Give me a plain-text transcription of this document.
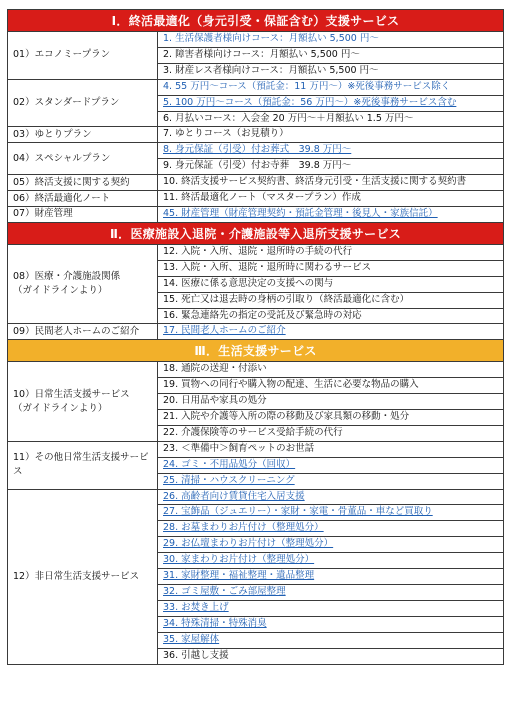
Ⅰ．終活最適化（身元引受・保証含む）支援サービス	
01）エコノミープラン	1. 生活保護者様向けコース：月額払い 5,500 円～
	2. 障害者様向けコース：月額払い 5,500 円～
	3. 財産レス者様向けコース：月額払い 5,500 円～
02）スタンダードプラン	4. 55 万円～コース（預託金：11 万円～）※死後事務サービス除く
	5. 100 万円～コース（預託金：56 万円～）※死後事務サービス含む
	6. 月払いコース：入会金 20 万円～＋月額払い 1.5 万円～
03）ゆとりプラン	7. ゆとりコース（お見積り）
04）スペシャルプラン	8. 身元保証（引受）付お葬式　39.8 万円～
	9. 身元保証（引受）付お寺葬　39.8 万円～
05）終活支援に関する契約	10. 終活支援サービス契約書、終活身元引受・生活支援に関する契約書
06）終活最適化ノート	11. 終活最適化ノート（マスタープラン）作成
07）財産管理	45. 財産管理（財産管理契約・預託金管理・後見人・家族信託）
Ⅱ．医療施設入退院・介護施設等入退所支援サービス	
08）医療・介護施設関係
（ガイドラインより）	12. 入院・入所、退院・退所時の手続の代行
	13. 入院・入所、退院・退所時に関わるサービス
	14. 医療に係る意思決定の支援への関与
	15. 死亡又は退去時の身柄の引取り（終活最適化に含む）
	16. 緊急連絡先の指定の受託及び緊急時の対応
09）民間老人ホームのご紹介	17. 民間老人ホームのご紹介
Ⅲ．生活支援サービス	
10）日常生活支援サービス
（ガイドラインより）	18. 通院の送迎・付添い
	19. 買物への同行や購入物の配達、生活に必要な物品の購入
	20. 日用品や家具の処分
	21. 入院や介護等入所の際の移動及び家具類の移動・処分
	22. 介護保険等のサービス受給手続の代行
11）その他日常生活支援サービス	23. ＜準備中＞飼育ペットのお世話
	24. ゴミ・不用品処分（回収）
	25. 清掃・ハウスクリーニング
12）非日常生活支援サービス	26. 高齢者向け賃貸住宅入居支援
	27. 宝飾品（ジュエリー）・家財・家電・骨董品・車など買取り
	28. お墓まわりお片付け（整理処分）
	29. お仏壇まわりお片付け（整理処分）
	30. 家まわりお片付け（整理処分）
	31. 家財整理・福祉整理・遺品整理
	32. ゴミ屋敷・ごみ部屋整理
	33. お焚き上げ
	34. 特殊清掃・特殊消臭
	35. 家屋解体
	36. 引越し支援
